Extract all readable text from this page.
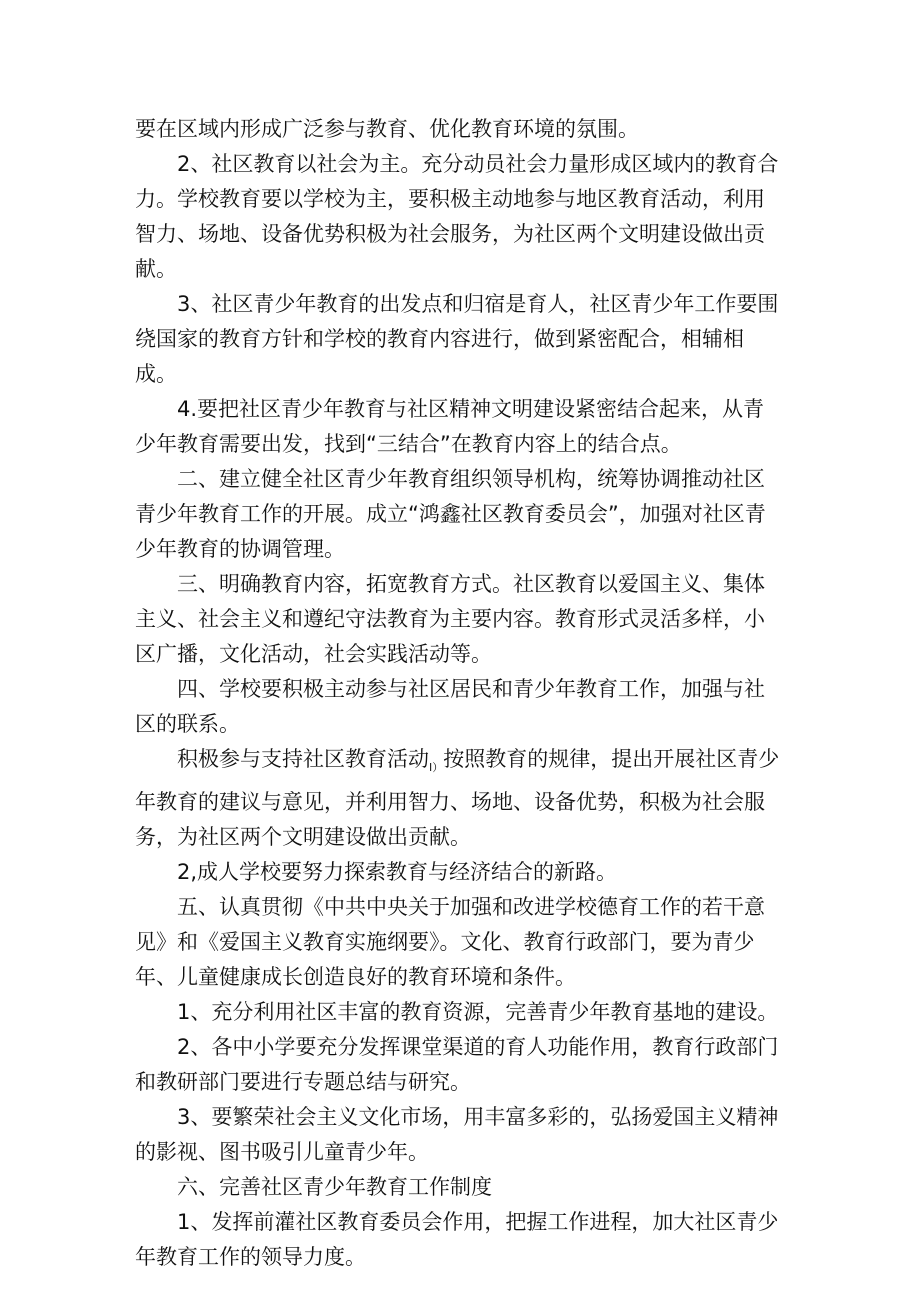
要在区域内形成广泛参与教育、优化教育环境的氛围。

2、社区教育以社会为主。充分动员社会力量形成区域内的教育合力。学校教育要以学校为主，要积极主动地参与地区教育活动，利用智力、场地、设备优势积极为社会服务，为社区两个文明建设做出贡献。

3、社区青少年教育的出发点和归宿是育人，社区青少年工作要围绕国家的教育方针和学校的教育内容进行，做到紧密配合，相辅相成。

4.要把社区青少年教育与社区精神文明建设紧密结合起来，从青少年教育需要出发，找到“三结合”在教育内容上的结合点。

二、建立健全社区青少年教育组织领导机构，统筹协调推动社区青少年教育工作的开展。成立“鸿鑫社区教育委员会”，加强对社区青少年教育的协调管理。

三、明确教育内容，拓宽教育方式。社区教育以爱国主义、集体主义、社会主义和遵纪守法教育为主要内容。教育形式灵活多样，小区广播，文化活动，社会实践活动等。

四、学校要积极主动参与社区居民和青少年教育工作，加强与社区的联系。

积极参与支持社区教育活动$_{I)}$按照教育的规律，提出开展社区青少年教育的建议与意见，并利用智力、场地、设备优势，积极为社会服务，为社区两个文明建设做出贡献。

2,成人学校要努力探索教育与经济结合的新路。

五、认真贯彻《中共中央关于加强和改进学校德育工作的若干意见》和《爱国主义教育实施纲要》。文化、教育行政部门，要为青少年、儿童健康成长创造良好的教育环境和条件。

1、充分利用社区丰富的教育资源，完善青少年教育基地的建设。

2、各中小学要充分发挥课堂渠道的育人功能作用，教育行政部门和教研部门要进行专题总结与研究。

3、要繁荣社会主义文化市场，用丰富多彩的，弘扬爱国主义精神的影视、图书吸引儿童青少年。

六、完善社区青少年教育工作制度

1、发挥前灌社区教育委员会作用，把握工作进程，加大社区青少年教育工作的领导力度。
